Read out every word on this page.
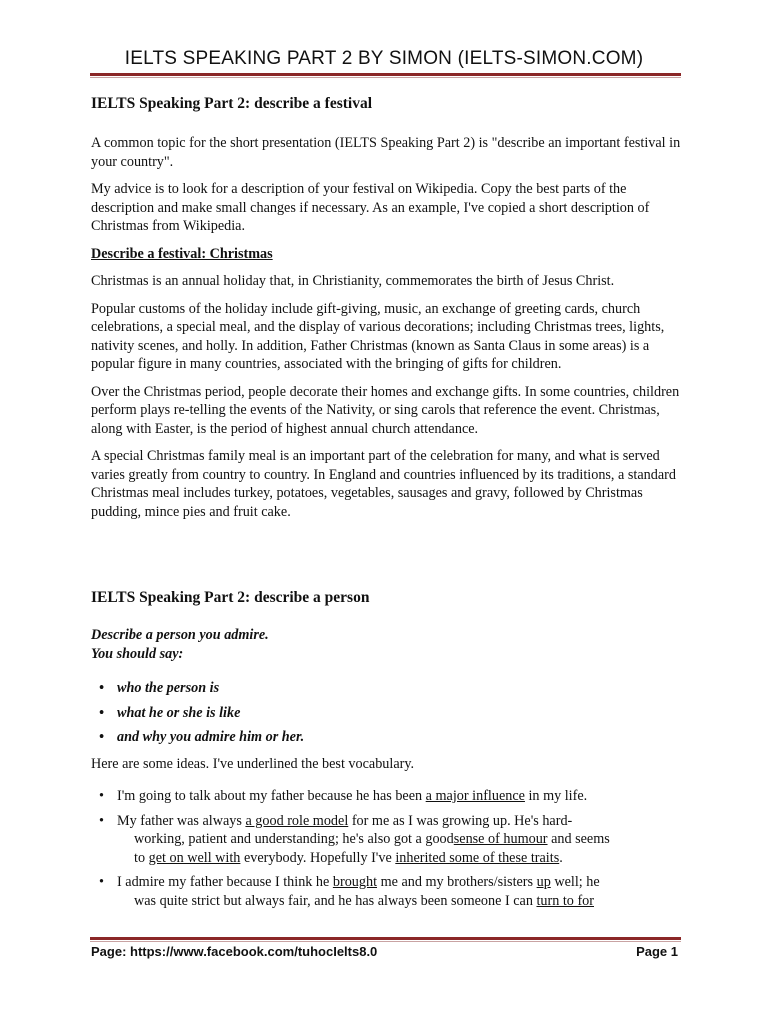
IELTS SPEAKING PART 2 BY SIMON (IELTS-SIMON.COM)
IELTS Speaking Part 2: describe a festival

A common topic for the short presentation (IELTS Speaking Part 2) is "describe an important festival in your country".

My advice is to look for a description of your festival on Wikipedia. Copy the best parts of the description and make small changes if necessary. As an example, I've copied a short description of Christmas from Wikipedia.

Describe a festival: Christmas

Christmas is an annual holiday that, in Christianity, commemorates the birth of Jesus Christ.

Popular customs of the holiday include gift-giving, music, an exchange of greeting cards, church celebrations, a special meal, and the display of various decorations; including Christmas trees, lights, nativity scenes, and holly. In addition, Father Christmas (known as Santa Claus in some areas) is a popular figure in many countries, associated with the bringing of gifts for children.

Over the Christmas period, people decorate their homes and exchange gifts. In some countries, children perform plays re-telling the events of the Nativity, or sing carols that reference the event. Christmas, along with Easter, is the period of highest annual church attendance.

A special Christmas family meal is an important part of the celebration for many, and what is served varies greatly from country to country. In England and countries influenced by its traditions, a standard Christmas meal includes turkey, potatoes, vegetables, sausages and gravy, followed by Christmas pudding, mince pies and fruit cake.

IELTS Speaking Part 2: describe a person
Describe a person you admire.
You should say:
• who the person is
• what he or she is like
• and why you admire him or her.

Here are some ideas. I've underlined the best vocabulary.

• I'm going to talk about my father because he has been a major influence in my life.
• My father was always a good role model for me as I was growing up. He's hard-
working, patient and understanding; he's also got a goodsense of humour and seems
to get on well with everybody. Hopefully I've inherited some of these traits.
• I admire my father because I think he brought me and my brothers/sisters up well; he
was quite strict but always fair, and he has always been someone I can turn to for
Page: https://www.facebook.com/tuhocIelts8.0	Page 1
